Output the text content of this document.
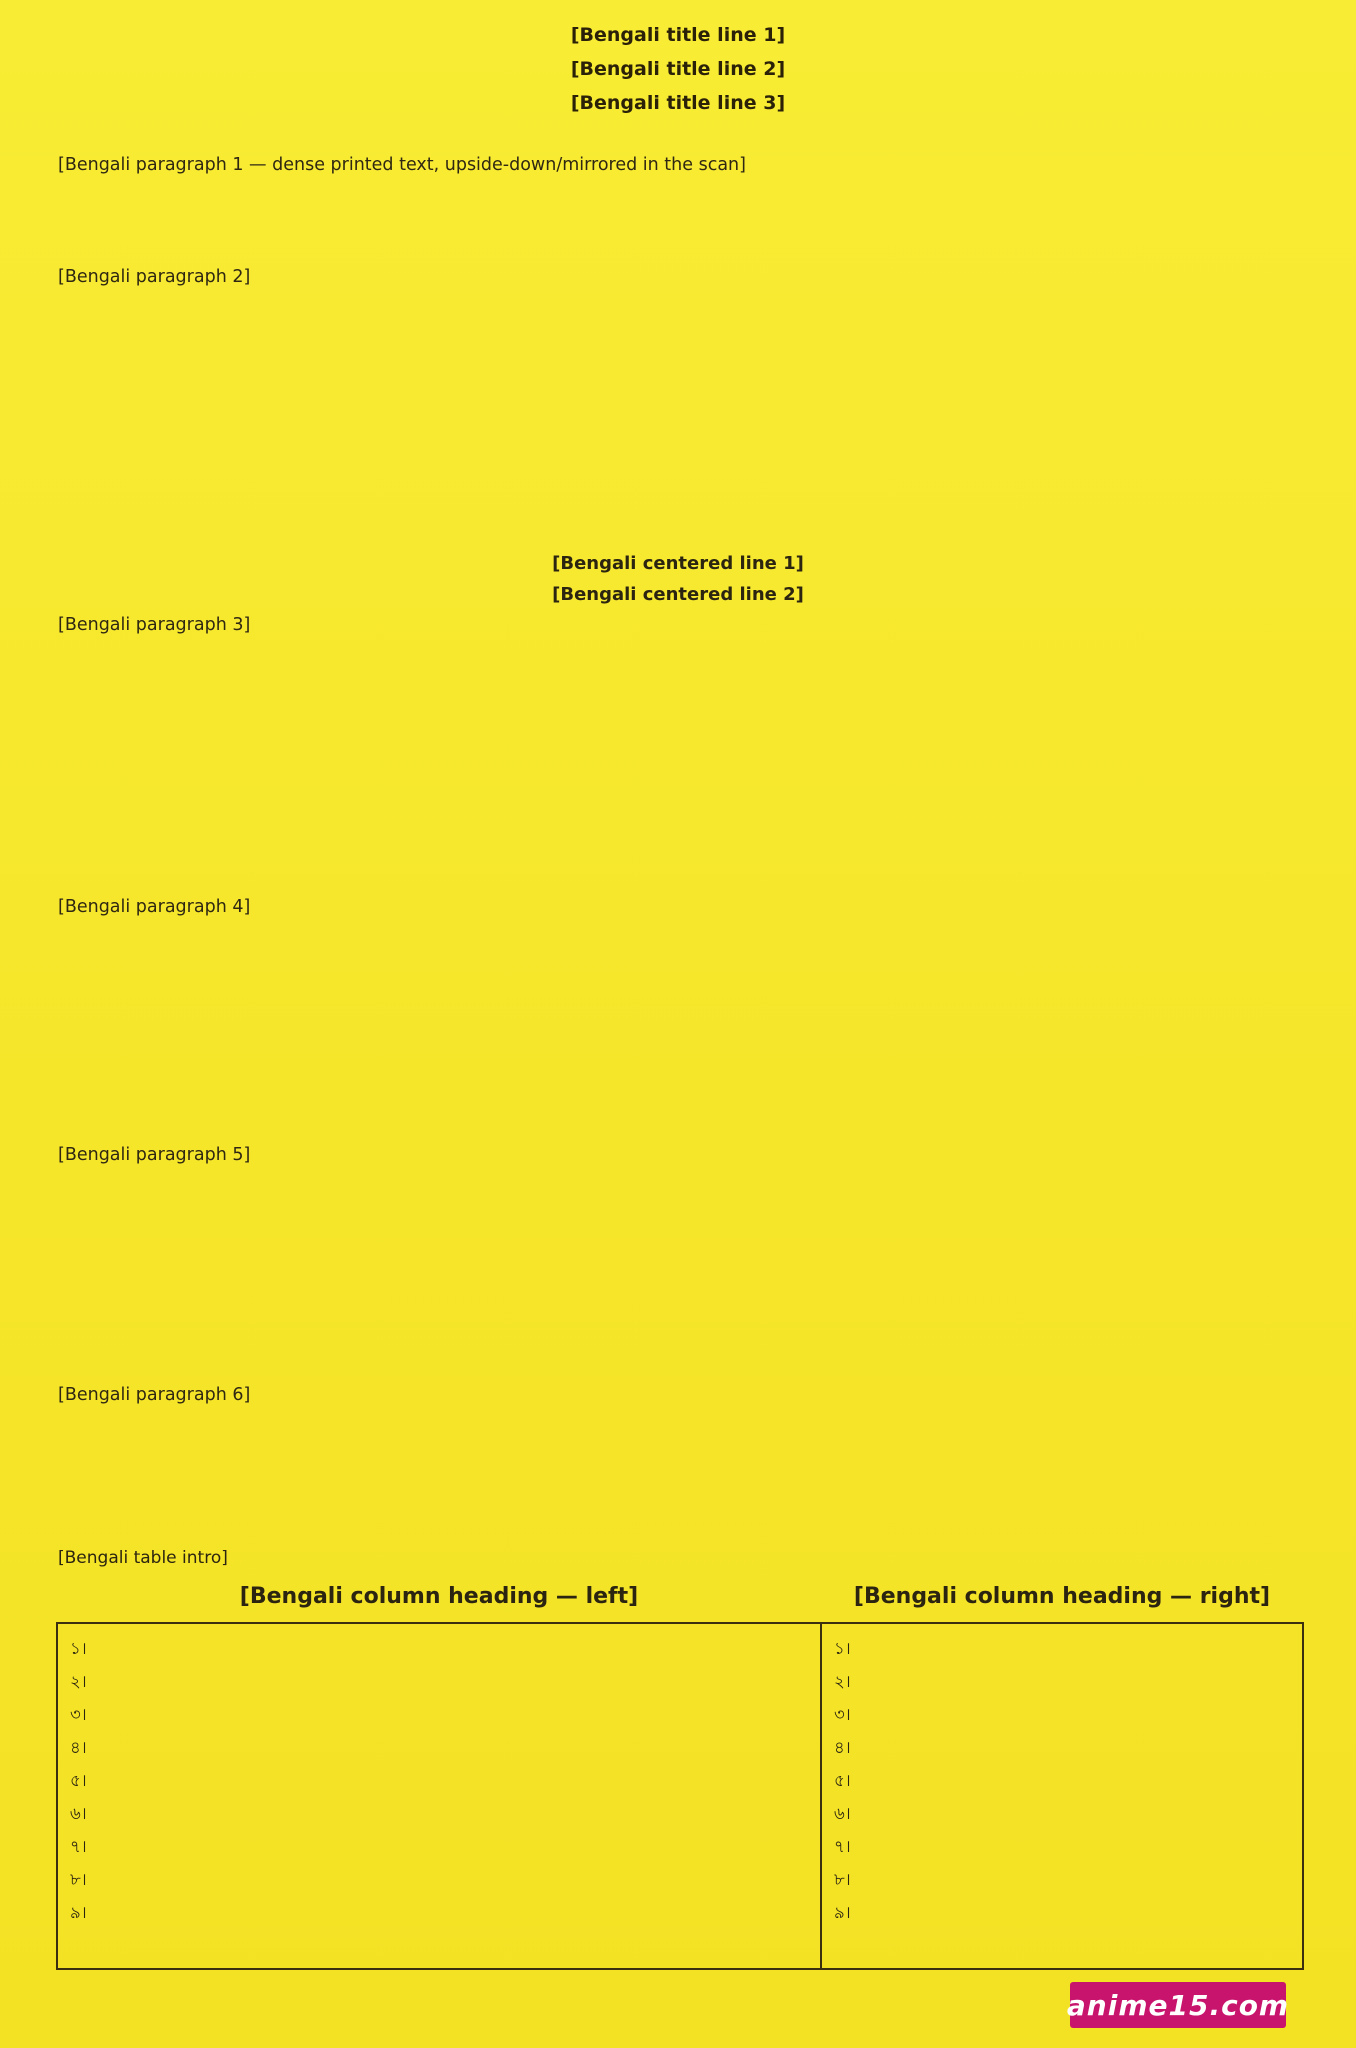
[Bengali title line 1]
[Bengali title line 2]
[Bengali title line 3]
[Bengali paragraph 1 — dense printed text, upside-down/mirrored in the scan]
[Bengali paragraph 2]
[Bengali centered line 1]
[Bengali centered line 2]
[Bengali paragraph 3]
[Bengali paragraph 4]
[Bengali paragraph 5]
[Bengali paragraph 6]
[Bengali table intro]
[Bengali column heading — left]
১।
২।
৩।
৪।
৫।
৬।
৭।
৮।
৯।
[Bengali column heading — right]
১।
২।
৩।
৪।
৫।
৬।
৭।
৮।
৯।
anime15.com
